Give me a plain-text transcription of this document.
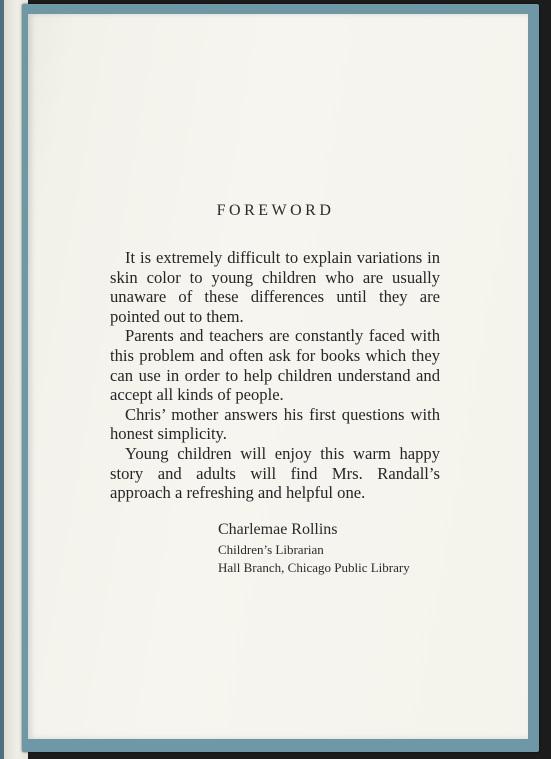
FOREWORD

It is extremely difficult to explain variations in skin color to young children who are usually unaware of these differences until they are pointed out to them.

Parents and teachers are constantly faced with this problem and often ask for books which they can use in order to help children understand and accept all kinds of people.

Chris’ mother answers his first questions with honest simplicity.

Young children will enjoy this warm happy story and adults will find Mrs. Randall’s approach a refreshing and helpful one.

Charlemae Rollins
Children’s Librarian
Hall Branch, Chicago Public Library
